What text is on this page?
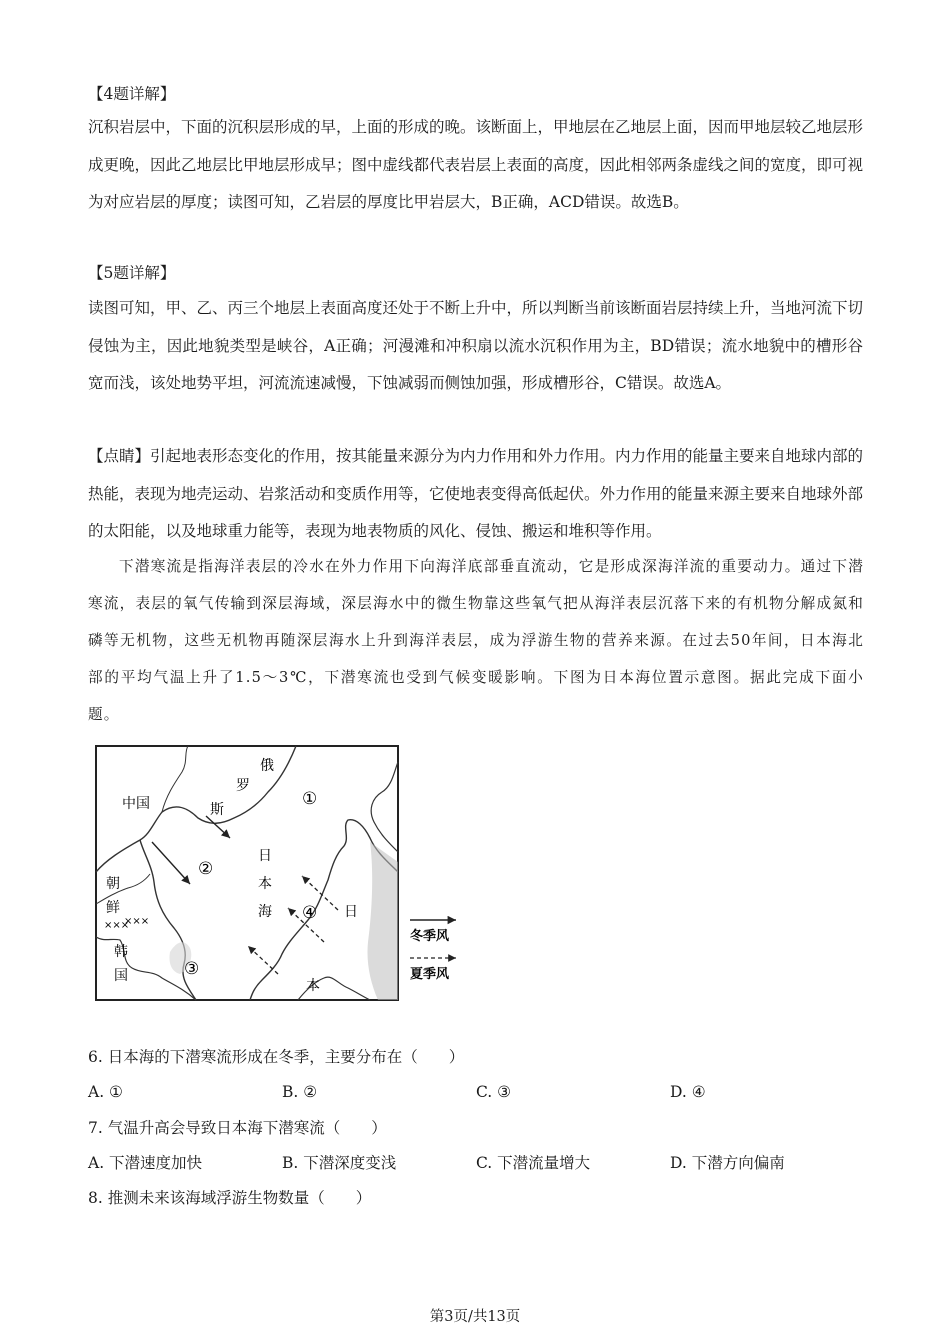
【4题详解】

沉积岩层中，下面的沉积层形成的早，上面的形成的晚。该断面上，甲地层在乙地层上面，因而甲地层较乙地层形成更晚，因此乙地层比甲地层形成早；图中虚线都代表岩层上表面的高度，因此相邻两条虚线之间的宽度，即可视为对应岩层的厚度；读图可知，乙岩层的厚度比甲岩层大，B正确，ACD错误。故选B。

【5题详解】

读图可知，甲、乙、丙三个地层上表面高度还处于不断上升中，所以判断当前该断面岩层持续上升，当地河流下切侵蚀为主，因此地貌类型是峡谷，A正确；河漫滩和冲积扇以流水沉积作用为主，BD错误；流水地貌中的槽形谷宽而浅，该处地势平坦，河流流速减慢，下蚀减弱而侧蚀加强，形成槽形谷，C错误。故选A。

【点睛】引起地表形态变化的作用，按其能量来源分为内力作用和外力作用。内力作用的能量主要来自地球内部的热能，表现为地壳运动、岩浆活动和变质作用等，它使地表变得高低起伏。外力作用的能量来源主要来自地球外部的太阳能，以及地球重力能等，表现为地表物质的风化、侵蚀、搬运和堆积等作用。

下潜寒流是指海洋表层的冷水在外力作用下向海洋底部垂直流动，它是形成深海洋流的重要动力。通过下潜寒流，表层的氧气传输到深层海域，深层海水中的微生物靠这些氧气把从海洋表层沉落下来的有机物分解成氮和磷等无机物，这些无机物再随深层海水上升到海洋表层，成为浮游生物的营养来源。在过去50年间，日本海北部的平均气温上升了1.5～3℃，下潜寒流也受到气候变暖影响。下图为日本海位置示意图。据此完成下面小题。

中国
俄
罗
斯
朝
鲜
×××
×××
韩
国
日
本
海	日
本
①
②
③
④
冬季风
夏季风

6. 日本海的下潜寒流形成在冬季，主要分布在（　　）

A. ①	B. ②	C. ③	D. ④

7. 气温升高会导致日本海下潜寒流（　　）

A. 下潜速度加快	B. 下潜深度变浅	C. 下潜流量增大	D. 下潜方向偏南

8. 推测未来该海域浮游生物数量（　　）

第3页/共13页
